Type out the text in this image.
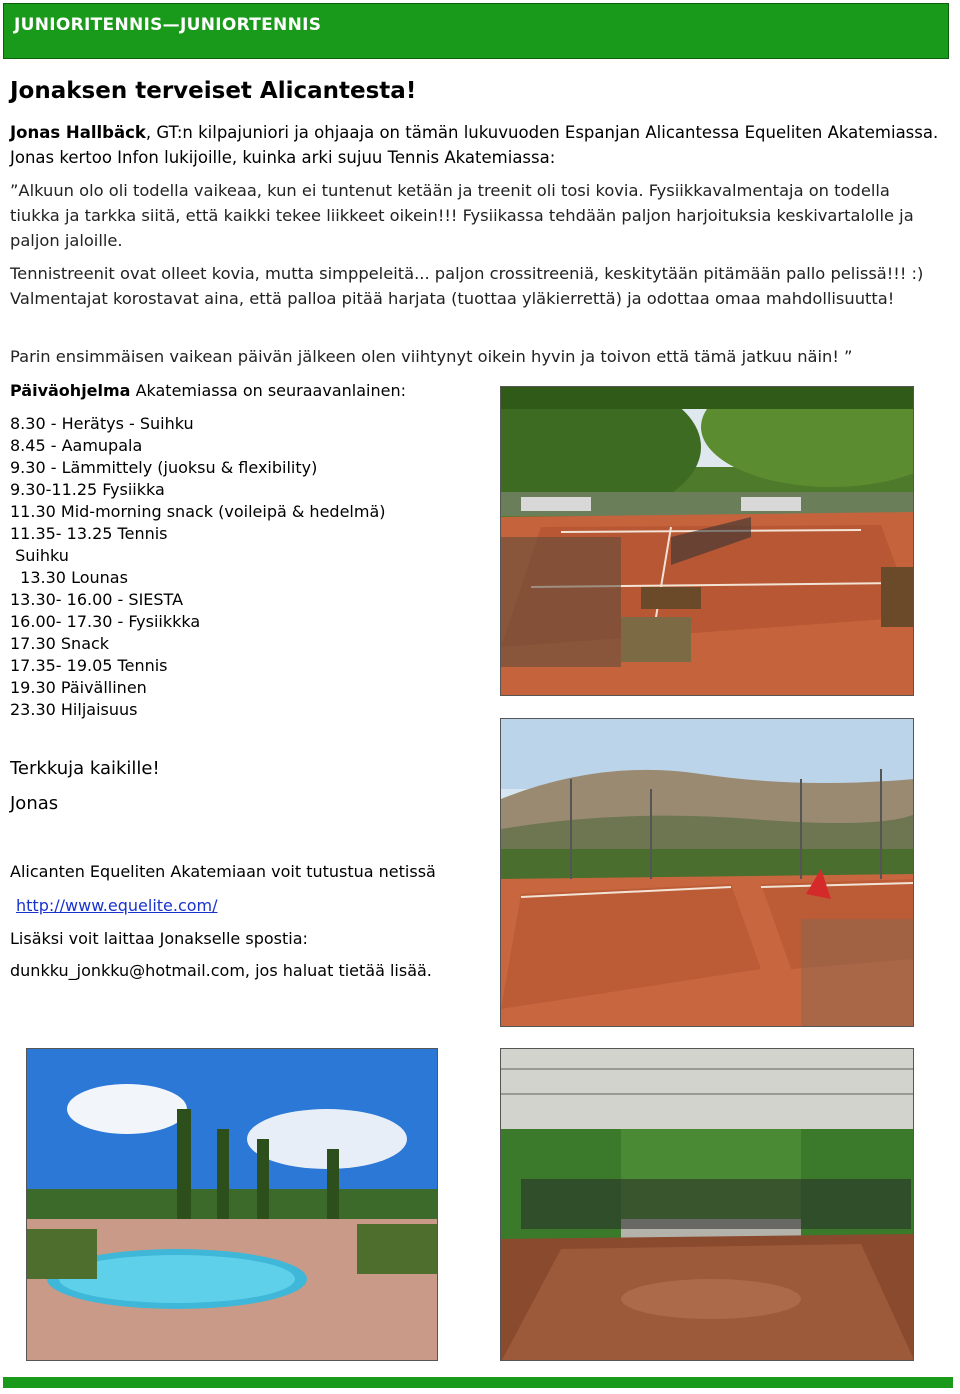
JUNIORITENNIS—JUNIORTENNIS
Jonaksen terveiset Alicantesta!
Jonas Hallbäck, GT:n kilpajuniori ja ohjaaja on tämän lukuvuoden Espanjan Alicantessa Equeliten Akatemiassa. Jonas kertoo Infon lukijoille, kuinka arki sujuu Tennis Akatemiassa:
”Alkuun olo oli todella vaikeaa, kun ei tuntenut ketään ja treenit oli tosi kovia. Fysiikkavalmentaja on todella tiukka ja tarkka siitä, että kaikki tekee liikkeet oikein!!! Fysiikassa tehdään paljon harjoituksia keskivartalolle ja paljon jaloille.
Tennistreenit ovat olleet kovia, mutta simppeleitä... paljon crossitreeniä, keskitytään pitämään pallo pelissä!!! :) Valmentajat korostavat aina, että palloa pitää harjata (tuottaa yläkierrettä) ja odottaa omaa mahdollisuutta!
Parin ensimmäisen vaikean päivän jälkeen olen viihtynyt oikein hyvin ja toivon että tämä jatkuu näin! ”
Päiväohjelma Akatemiassa on seuraavanlainen:
8.30 - Herätys - Suihku
8.45 - Aamupala
9.30 - Lämmittely (juoksu & flexibility)
9.30-11.25 Fysiikka
11.30 Mid-morning snack (voileipä & hedelmä)
11.35- 13.25 Tennis
Suihku
13.30 Lounas
13.30- 16.00 - SIESTA
16.00- 17.30 - Fysiikkka
17.30 Snack
17.35- 19.05 Tennis
19.30 Päivällinen
23.30 Hiljaisuus
Terkkuja kaikille!
Jonas
Alicanten Equeliten Akatemiaan voit tutustua netissä
http://www.equelite.com/
Lisäksi voit laittaa Jonakselle spostia:
dunkku_jonkku@hotmail.com, jos haluat tietää lisää.
